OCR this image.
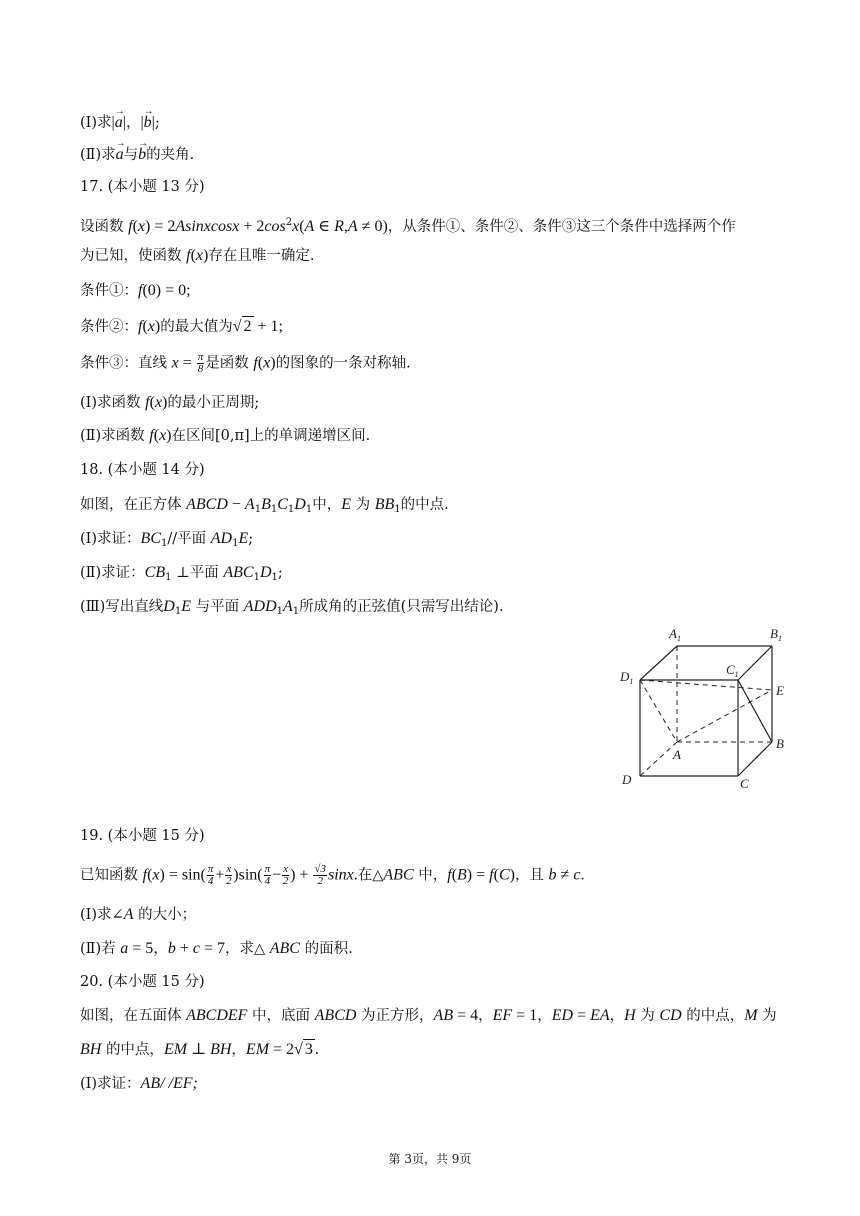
(Ⅰ)求|→ a|，|→ b|;
(Ⅱ)求→ a与→ b的夹角.
17. (本小题 13 分)
设函数 f(x) = 2Asinxcosx + $2\cos^2x(A$ ∈ R,A ≠ 0)，从条件①、条件②、条件③这三个条件中选择两个作
为已知，使函数 f(x)存在且唯一确定.
条件①：f(0) = 0;
条件②：f(x)的最大值为√ 2 + 1;
条件③：直线 $x = \frac{\pi}{8}$ 是函数 f(x)的图象的一条对称轴.
(Ⅰ)求函数 f(x)的最小正周期;
(Ⅱ)求函数 f(x)在区间[0,π]上的单调递增区间.
18. (本小题 14 分)
如图，在正方体 ABCD − $A_1B_1C_1D_1$中，E 为 $BB_1$的中点.
(Ⅰ)求证：$BC_1//$平面 $AD_1E$;
(Ⅱ)求证：$CB_1$ ⊥平面 $ABC_1D_1$;
(Ⅲ)写出直线$D_1E$ 与平面 $ADD_1A_1$所成角的正弦值(只需写出结论).
$A_1$	$B_1$
$C_1$
$D_1$
E
A
B
C
D
19. (本小题 15 分)
已知函数 $f(x) = \sin( \frac{\pi}{4} + \frac{x}{2} )\sin( \frac{\pi}{4} - \frac{x}{2}$ ) + $\frac{√3}{2} \sin x$.在△ABC 中，f(B) = f(C)，且 b ≠ c.
(Ⅰ)求∠A 的大小；
(Ⅱ)若 a = 5，b + c = 7，求△ ABC 的面积.
20. (本小题 15 分)
如图，在五面体 ABCDEF 中，底面 ABCD 为正方形，AB = 4，EF = 1，ED = EA，H 为 CD 的中点，M 为
BH 的中点，EM ⊥ BH，EM = 2√ 3 .
(Ⅰ)求证：AB/ /EF;
第 3页，共 9页
